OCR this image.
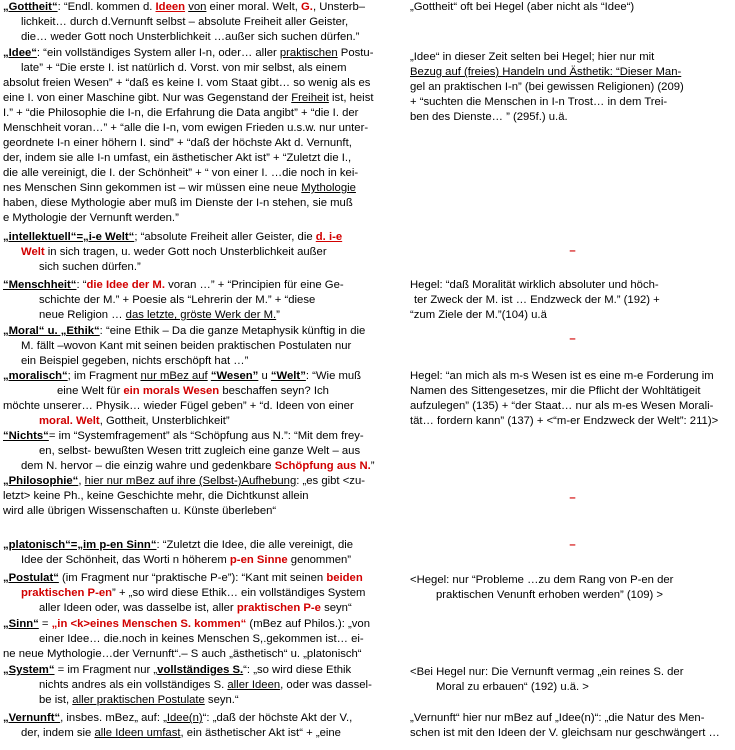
„Gottheit“: “Endl. kommen d. Ideen von einer moral. Welt, G., Unsterb–

lichkeit… durch d.Vernunft selbst – absolute Freiheit aller Geister,

die… weder Gott noch Unsterblichkeit …außer sich suchen dürfen.”

„Gottheit“ oft bei Hegel (aber nicht als “Idee“)

„Idee“: “ein vollständiges System aller I-n, oder… aller praktischen Postu-

late” + “Die erste I. ist natürlich d. Vorst. von mir selbst, als einem

absolut freien Wesen” + “daß es keine I. vom Staat gibt… so wenig als es

eine I. von einer Maschine gibt. Nur was Gegenstand der Freiheit ist, heist

I.” + “die Philosophie die I-n, die Erfahrung die Data angibt” + “die I. der

Menschheit voran…” + “alle die I-n, vom ewigen Frieden u.s.w. nur unter-

geordnete I-n einer höhern I. sind” + “daß der höchste Akt d. Vernunft,

der, indem sie alle I-n umfast, ein ästhetischer Akt ist” + “Zuletzt die I.,

die alle vereinigt, die I. der Schönheit” + “ von einer I. …die noch in kei-

nes Menschen Sinn gekommen ist – wir müssen eine neue Mythologie

haben, diese Mythologie aber muß im Dienste der I-n stehen, sie muß

e Mythologie der Vernunft werden.”

„Idee“ in dieser Zeit selten bei Hegel; hier nur mit

Bezug auf (freies) Handeln und Ästhetik: “Dieser Man-

gel an praktischen I-n” (bei gewissen Religionen) (209)

+ “suchten die Menschen in I-n Trost… in dem Trei-

ben des Dienste… ” (295f.) u.ä.

„intellektuell“=„i-e Welt“; “absolute Freiheit aller Geister, die d. i-e

Welt in sich tragen, u. weder Gott noch Unsterblichkeit außer

sich suchen dürfen.”

–

“Menschheit“: “die Idee der M. voran …” + “Principien für eine Ge-

schichte der M.” + Poesie als “Lehrerin der M.” + “diese

neue Religion … das letzte, gröste Werk der M.”

Hegel: “daß Moralität wirklich absoluter und höch-

ter Zweck der M. ist … Endzweck der M.” (192) +

“zum Ziele der M.”(104) u.ä

„Moral“ u. „Ethik“: “eine Ethik – Da die ganze Metaphysik künftig in die

M. fällt –wovon Kant mit seinen beiden praktischen Postulaten nur

ein Beispiel gegeben, nichts erschöpft hat …”

–

„moralisch“; im Fragment nur mBez auf “Wesen” u “Welt”: “Wie muß

eine Welt für ein morals Wesen beschaffen seyn? Ich

möchte unserer… Physik… wieder Fügel geben” + “d. Ideen von einer

moral. Welt, Gottheit, Unsterblichkeit”

Hegel: “an mich als m-s Wesen ist es eine m-e Forderung im

Namen des Sittengesetzes, mir die Pflicht der Wohltätigeit

aufzulegen” (135) + “der Staat… nur als m-es Wesen Morali-

tät… fordern kann” (137) + <“m-er Endzweck der Welt”: 211)>

“Nichts“= im “Systemfragement” als “Schöpfung aus N.”: “Mit dem frey-

en, selbst- bewußten Wesen tritt zugleich eine ganze Welt – aus

dem N. hervor – die einzig wahre und gedenkbare Schöpfung aus N.”

„Philosophie“, hier nur mBez auf ihre (Selbst-)Aufhebung: „es gibt <zu-

letzt> keine Ph., keine Geschichte mehr, die Dichtkunst allein

wird alle übrigen Wissenschaften u. Künste überleben“

–

„platonisch“=„im p-en Sinn“: “Zuletzt die Idee, die alle vereinigt, die

Idee der Schönheit, das Worti n höherem p-en Sinne genommen”

–

„Postulat“ (im Fragment nur “praktische P-e”): “Kant mit seinen beiden

praktischen P-en” + „so wird diese Ethik… ein vollständiges System

aller Ideen oder, was dasselbe ist, aller praktischen P-e seyn“

<Hegel: nur “Probleme …zu dem Rang von P-en der

praktischen Venunft erhoben werden” (109) >

„Sinn“ = „in <k>eines Menschen S. kommen“ (mBez auf Philos.): „von

einer Idee… die.noch in keines Menschen S,.gekommen ist… ei-

ne neue Mythologie…der Vernunft“.– S auch „ästhetisch“ u. „platonisch“

„System“ = im Fragment nur „vollständiges S.“: „so wird diese Ethik

nichts andres als ein vollständiges S. aller Ideen, oder was dassel-

be ist, aller praktischen Postulate seyn.“

<Bei Hegel nur: Die Vernunft vermag „ein reines S. der

Moral zu erbauen“ (192) u.ä. >

„Vernunft“, insbes. mBez„ auf: „Idee(n)“: „daß der höchste Akt der V.,

der, indem sie alle Ideen umfast, ein ästhetischer Akt ist“ + „eine

„Vernunft“ hier nur mBez auf „Idee(n)“: „die Natur des Men-

schen ist mit den Ideen der V. gleichsam nur geschwängert …
